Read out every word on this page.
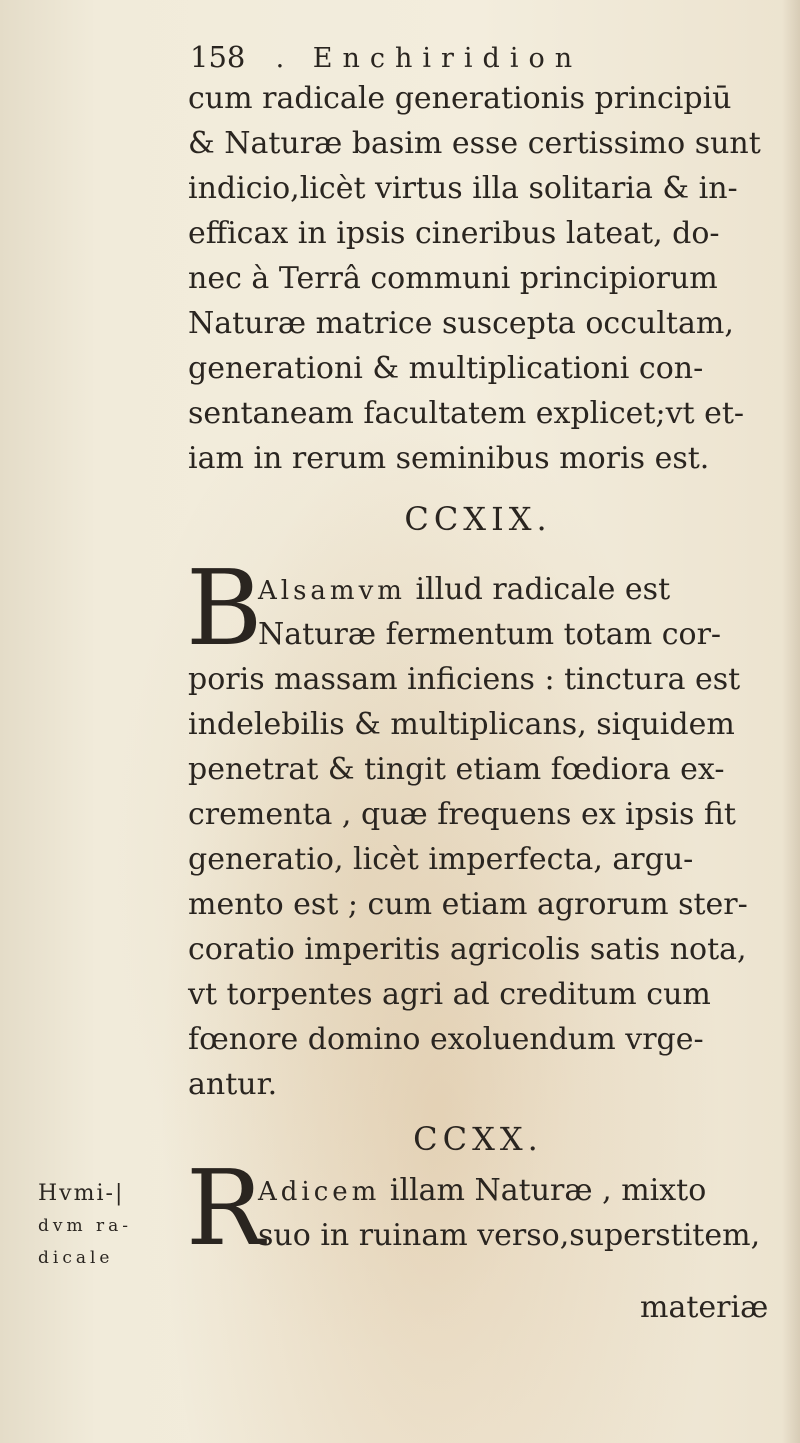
158 . Enchiridion
cum radicale generationis principiū
& Naturæ basim esse certissimo sunt
indicio,licèt virtus illa solitaria & in-
efficax in ipsis cineribus lateat, do-
nec à Terrâ communi principiorum
Naturæ matrice suscepta occultam,
generationi & multiplicationi con-
sentaneam facultatem explicet;vt et-
iam in rerum seminibus moris est.
CCXIX.
B
Alsamvm illud radicale est
Naturæ fermentum totam cor-
poris massam inficiens : tinctura est
indelebilis & multiplicans, siquidem
penetrat & tingit etiam fœdiora ex-
crementa , quæ frequens ex ipsis fit
generatio, licèt imperfecta, argu-
mento est ; cum etiam agrorum ster-
coratio imperitis agricolis satis nota,
vt torpentes agri ad creditum cum
fœnore domino exoluendum vrge-
antur.
CCXX.
Hvmi-|
dvm ra-
dicale R
Adicem illam Naturæ , mixto
suo in ruinam verso,superstitem,
materiæ
